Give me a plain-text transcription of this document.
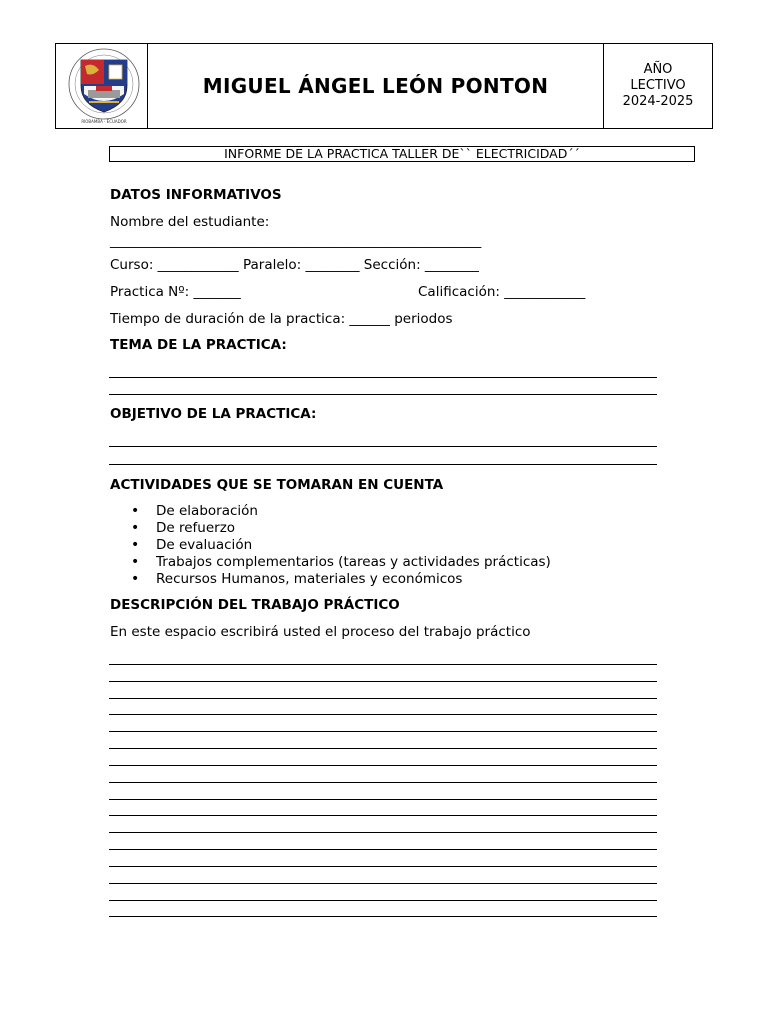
RIOBAMBA · ECUADOR
MIGUEL ÁNGEL LEÓN PONTON
AÑO
LECTIVO
2024-2025
INFORME DE LA PRACTICA TALLER DE`` ELECTRICIDAD´´
DATOS INFORMATIVOS
Nombre del estudiante:
_______________________________________________________
Curso: ____________ Paralelo: ________ Sección: ________
Practica Nº: _______	Calificación: ____________
Tiempo de duración de la practica: ______ periodos
TEMA DE LA PRACTICA:
OBJETIVO DE LA PRACTICA:
ACTIVIDADES QUE SE TOMARAN EN CUENTA
• De elaboración
• De refuerzo
• De evaluación
• Trabajos complementarios (tareas y actividades prácticas)
• Recursos Humanos, materiales y económicos
DESCRIPCIÓN DEL TRABAJO PRÁCTICO
En este espacio escribirá usted el proceso del trabajo práctico
